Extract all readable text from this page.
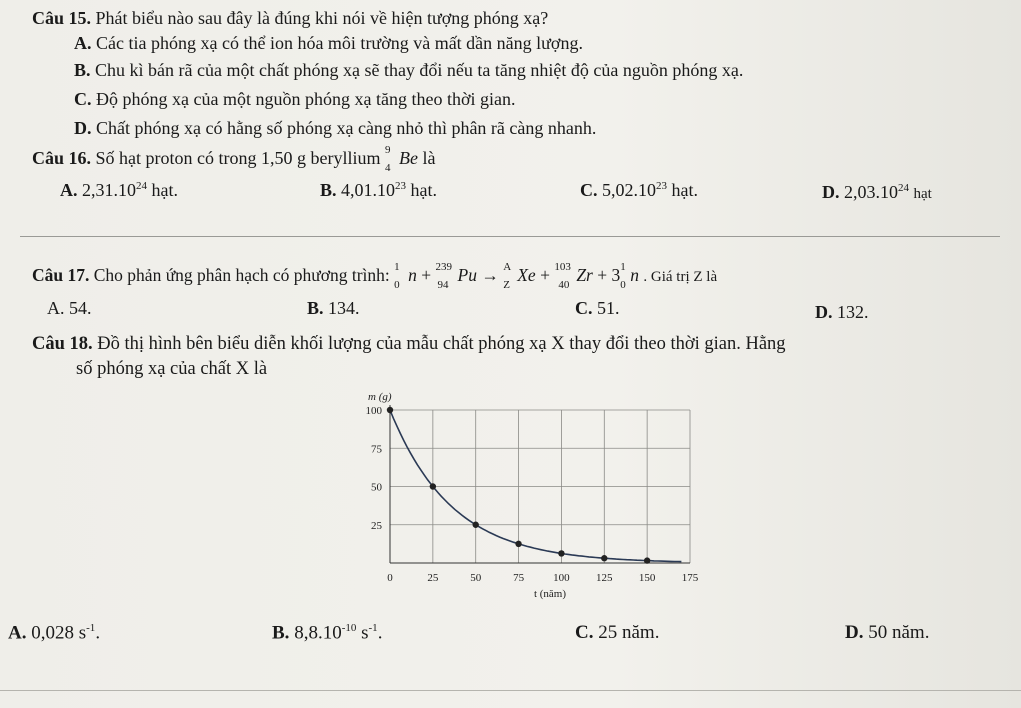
Câu 15. Phát biểu nào sau đây là đúng khi nói về hiện tượng phóng xạ?
A. Các tia phóng xạ có thể ion hóa môi trường và mất dần năng lượng.
B. Chu kì bán rã của một chất phóng xạ sẽ thay đổi nếu ta tăng nhiệt độ của nguồn phóng xạ.
C. Độ phóng xạ của một nguồn phóng xạ tăng theo thời gian.
D. Chất phóng xạ có hằng số phóng xạ càng nhỏ thì phân rã càng nhanh.
Câu 16. Số hạt proton có trong 1,50 g beryllium 9
4 Be là
A. 2,31.10$^{24}$ hạt.	B. 4,01.10$^{23}$ hạt.	C. 5,02.10$^{23}$ hạt.	D. 2,03.10$^{24}$ hạt
Câu 17. Cho phản ứng phân hạch có phương trình: 1
0 n + 239
94 Pu → A
Z Xe + 103
40 Zr + 3 1
0 n . Giá trị Z là
A. 54.	B. 134.	C. 51.	D. 132.
Câu 18. Đồ thị hình bên biểu diễn khối lượng của mẫu chất phóng xạ X thay đổi theo thời gian. Hằng
số phóng xạ của chất X là
m (g)
t (năm)
0	25	50	75	100 125 150 175
25
50
75
100
A. 0,028 $s^{-1}$.	B. $8,8.10^{-10}$ $s^{-1}$.	C. 25 năm.	D. 50 năm.
